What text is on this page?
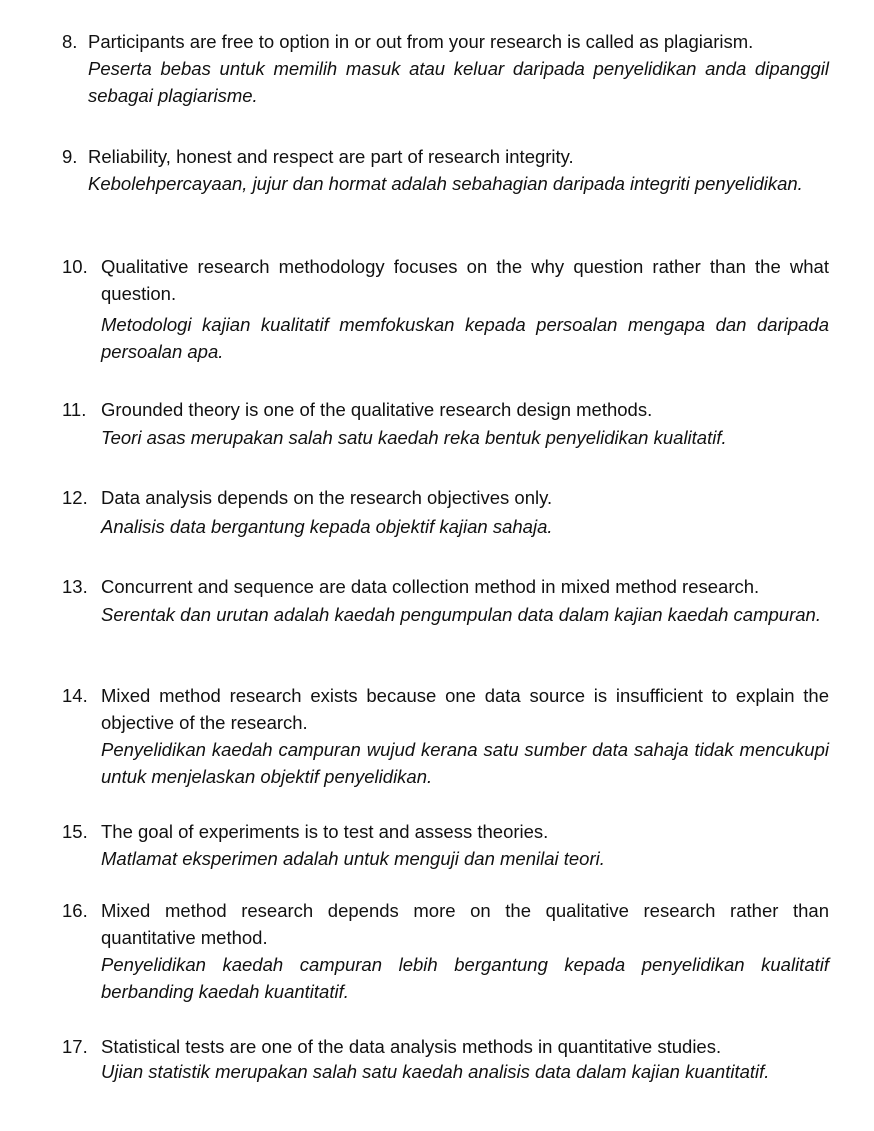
8. Participants are free to option in or out from your research is called as plagiarism.
Peserta bebas untuk memilih masuk atau keluar daripada penyelidikan anda dipanggil sebagai plagiarisme.
9. Reliability, honest and respect are part of research integrity.
Kebolehpercayaan, jujur dan hormat adalah sebahagian daripada integriti penyelidikan.
10. Qualitative research methodology focuses on the why question rather than the what question.
Metodologi kajian kualitatif memfokuskan kepada persoalan mengapa dan daripada persoalan apa.
11. Grounded theory is one of the qualitative research design methods.
Teori asas merupakan salah satu kaedah reka bentuk penyelidikan kualitatif.
12. Data analysis depends on the research objectives only.
Analisis data bergantung kepada objektif kajian sahaja.
13. Concurrent and sequence are data collection method in mixed method research.
Serentak dan urutan adalah kaedah pengumpulan data dalam kajian kaedah campuran.
14. Mixed method research exists because one data source is insufficient to explain the objective of the research.
Penyelidikan kaedah campuran wujud kerana satu sumber data sahaja tidak mencukupi untuk menjelaskan objektif penyelidikan.
15. The goal of experiments is to test and assess theories.
Matlamat eksperimen adalah untuk menguji dan menilai teori.
16. Mixed method research depends more on the qualitative research rather than quantitative method.
Penyelidikan kaedah campuran lebih bergantung kepada penyelidikan kualitatif berbanding kaedah kuantitatif.
17. Statistical tests are one of the data analysis methods in quantitative studies.
Ujian statistik merupakan salah satu kaedah analisis data dalam kajian kuantitatif.
